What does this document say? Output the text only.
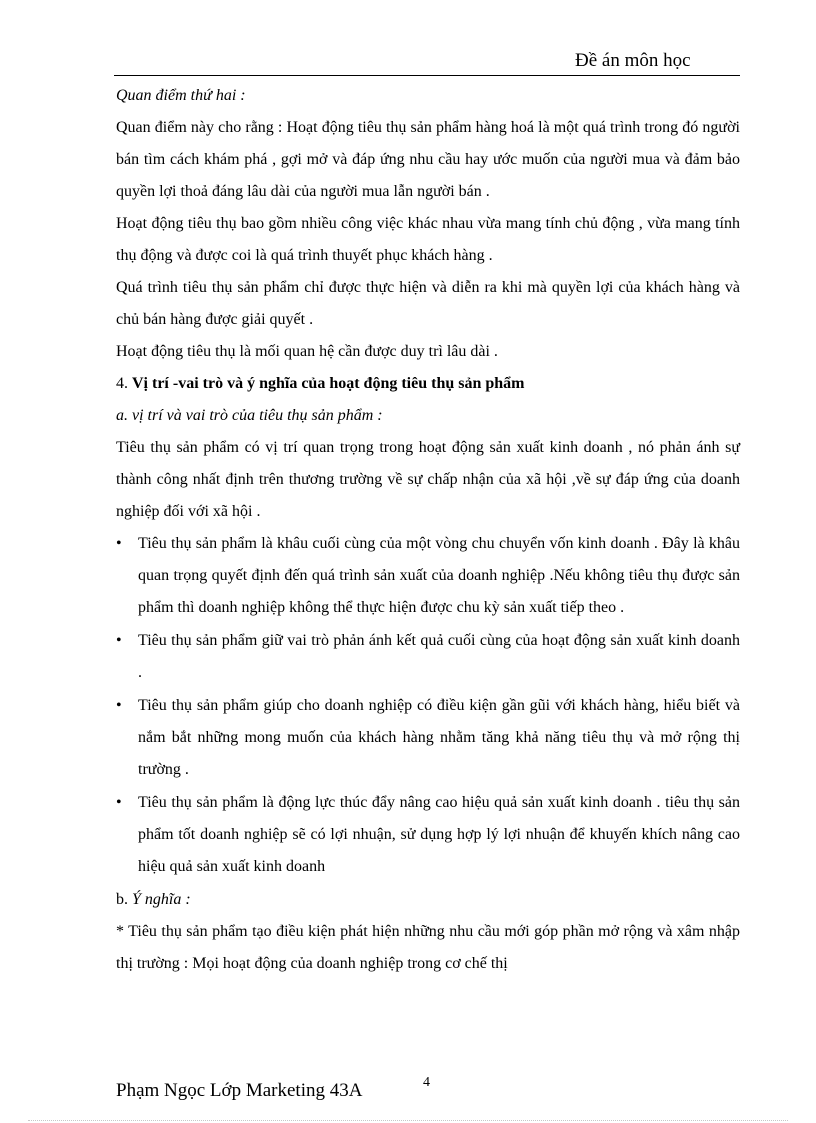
Đề án môn học

Quan điểm thứ hai :

Quan điểm này cho rằng : Hoạt động tiêu thụ sản phẩm hàng hoá là một quá trình trong đó người bán tìm cách khám phá , gợi mở và đáp ứng nhu cầu hay ước muốn của người mua và đảm bảo quyền lợi thoả đáng lâu dài của người mua lẫn người bán .

Hoạt động tiêu thụ bao gồm nhiều công việc khác nhau vừa mang tính chủ động , vừa mang tính thụ động và được coi là quá trình thuyết phục khách hàng .

Quá trình tiêu thụ sản phẩm chỉ được thực hiện và diễn ra khi mà quyền lợi của khách hàng và chủ bán hàng được giải quyết .

Hoạt động tiêu thụ là mối quan hệ cần được duy trì lâu dài .

4. Vị trí -vai trò và ý nghĩa của hoạt động tiêu thụ sản phẩm

a. vị trí và vai trò của tiêu thụ sản phẩm :

Tiêu thụ sản phẩm có vị trí quan trọng trong hoạt động sản xuất kinh doanh , nó phản ánh sự thành công nhất định trên thương trường về sự chấp nhận của xã hội ,về sự đáp ứng của doanh nghiệp đối với xã hội .

• Tiêu thụ sản phẩm là khâu cuối cùng của một vòng chu chuyển vốn kinh doanh . Đây là khâu quan trọng quyết định đến quá trình sản xuất của doanh nghiệp .Nếu không tiêu thụ được sản phẩm thì doanh nghiệp không thể thực hiện được chu kỳ sản xuất tiếp theo .
• Tiêu thụ sản phẩm giữ vai trò phản ánh kết quả cuối cùng của hoạt động sản xuất kinh doanh .
• Tiêu thụ sản phẩm giúp cho doanh nghiệp có điều kiện gần gũi với khách hàng, hiểu biết và nắm bắt những mong muốn của khách hàng nhằm tăng khả năng tiêu thụ và mở rộng thị trường .
• Tiêu thụ sản phẩm là động lực thúc đẩy nâng cao hiệu quả sản xuất kinh doanh . tiêu thụ sản phẩm tốt doanh nghiệp sẽ có lợi nhuận, sử dụng hợp lý lợi nhuận để khuyến khích nâng cao hiệu quả sản xuất kinh doanh

b. Ý nghĩa :

* Tiêu thụ sản phẩm tạo điều kiện phát hiện những nhu cầu mới góp phần mở rộng và xâm nhập thị trường : Mọi hoạt động của doanh nghiệp trong cơ chế thị

Phạm Ngọc Lớp Marketing 43A	4
